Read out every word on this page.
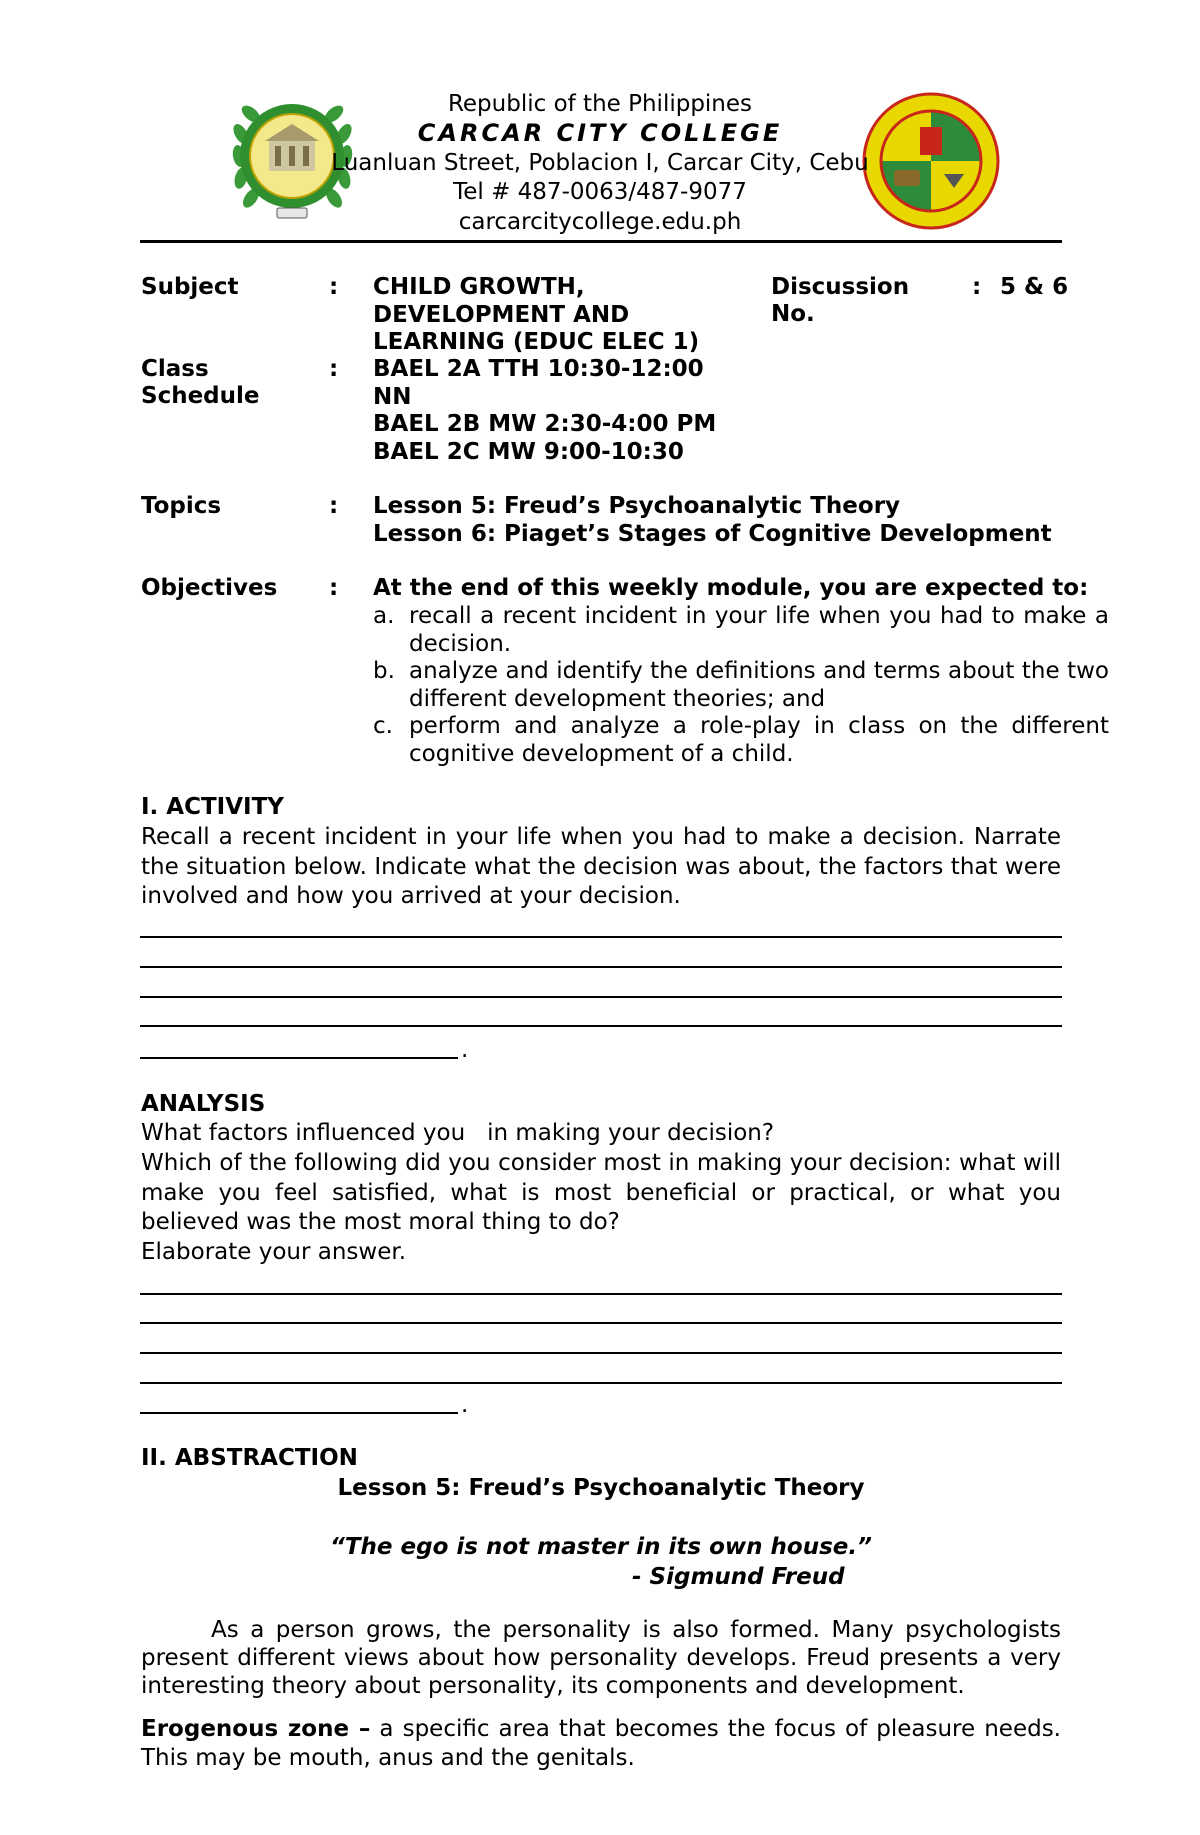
Republic of the Philippines
CARCAR CITY COLLEGE
Luanluan Street, Poblacion I, Carcar City, Cebu
Tel # 487-0063/487-9077
carcarcitycollege.edu.ph
Subject	: CHILD GROWTH,
DEVELOPMENT AND
LEARNING (EDUC ELEC 1)
Discussion
No.
: 5 & 6
Class
Schedule
: BAEL 2A TTH 10:30-12:00
NN
BAEL 2B MW 2:30-4:00 PM
BAEL 2C MW 9:00-10:30
Topics	: Lesson 5: Freud’s Psychoanalytic Theory
Lesson 6: Piaget’s Stages of Cognitive Development
Objectives : At the end of this weekly module, you are expected to:
a. recall a recent incident in your life when you had to make a decision.
b. analyze and identify the definitions and terms about the two different development theories; and
c. perform and analyze a role-play in class on the different cognitive development of a child.
I. ACTIVITY
Recall a recent incident in your life when you had to make a decision. Narrate the situation below. Indicate what the decision was about, the factors that were involved and how you arrived at your decision.
.
ANALYSIS
What factors influenced you   in making your decision?
Which of the following did you consider most in making your decision: what will make you feel satisfied, what is most beneficial or practical, or what you believed was the most moral thing to do?
Elaborate your answer.
.
II. ABSTRACTION
Lesson 5: Freud’s Psychoanalytic Theory
“The ego is not master in its own house.”
- Sigmund Freud
As a person grows, the personality is also formed. Many psychologists present different views about how personality develops. Freud presents a very interesting theory about personality, its components and development.
Erogenous zone – a specific area that becomes the focus of pleasure needs. This may be mouth, anus and the genitals.
